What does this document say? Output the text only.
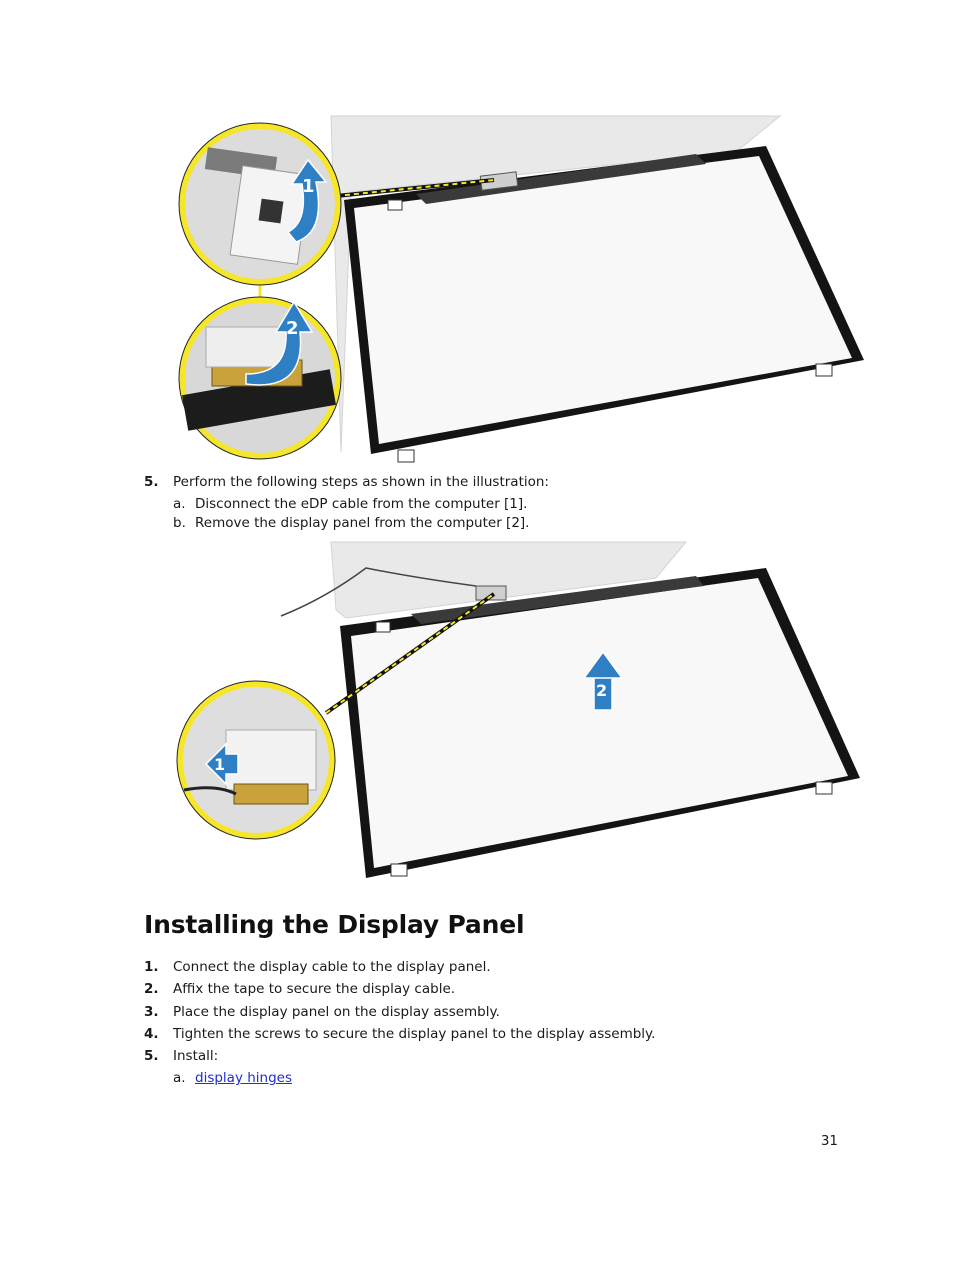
1
2
5. Perform the following steps as shown in the illustration:
a. Disconnect the eDP cable from the computer [1].
b. Remove the display panel from the computer [2].
1
2
Installing the Display Panel
1. Connect the display cable to the display panel.
2. Affix the tape to secure the display cable.
3. Place the display panel on the display assembly.
4. Tighten the screws to secure the display panel to the display assembly.
5. Install:
a. display hinges
31
